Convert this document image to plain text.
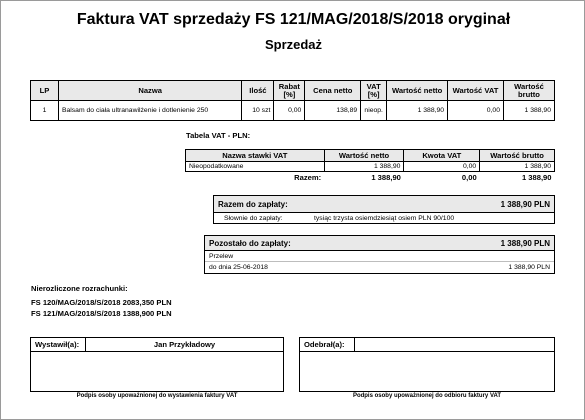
Faktura VAT sprzedaży FS 121/MAG/2018/S/2018 oryginał
Sprzedaż
LP	Nazwa	Ilość	Rabat [%]	Cena netto	VAT [%]	Wartość netto	Wartość VAT	Wartość brutto
1	Balsam do ciała ultranawilżenie i dotlenienie 250	10 szt	0,00	138,89	nieop.	1 388,90	0,00	1 388,90
Tabela VAT - PLN:
Nazwa stawki VAT	Wartość netto	Kwota VAT	Wartość brutto
Nieopodatkowane	1 388,90	0,00	1 388,90
Razem:	1 388,90	0,00	1 388,90
Razem do zapłaty:	1 388,90 PLN
Słownie do zapłaty:	tysiąc trzysta osiemdziesiąt osiem PLN 90/100
Pozostało do zapłaty:	1 388,90 PLN
Przelew
do dnia 25-06-2018	1 388,90 PLN
Nierozliczone rozrachunki:
FS 120/MAG/2018/S/2018 2083,350 PLN
FS 121/MAG/2018/S/2018 1388,900 PLN
Wystawił(a):	Jan Przykładowy
Podpis osoby upoważnionej do wystawienia faktury VAT
Odebrał(a):
Podpis osoby upoważnionej do odbioru faktury VAT
